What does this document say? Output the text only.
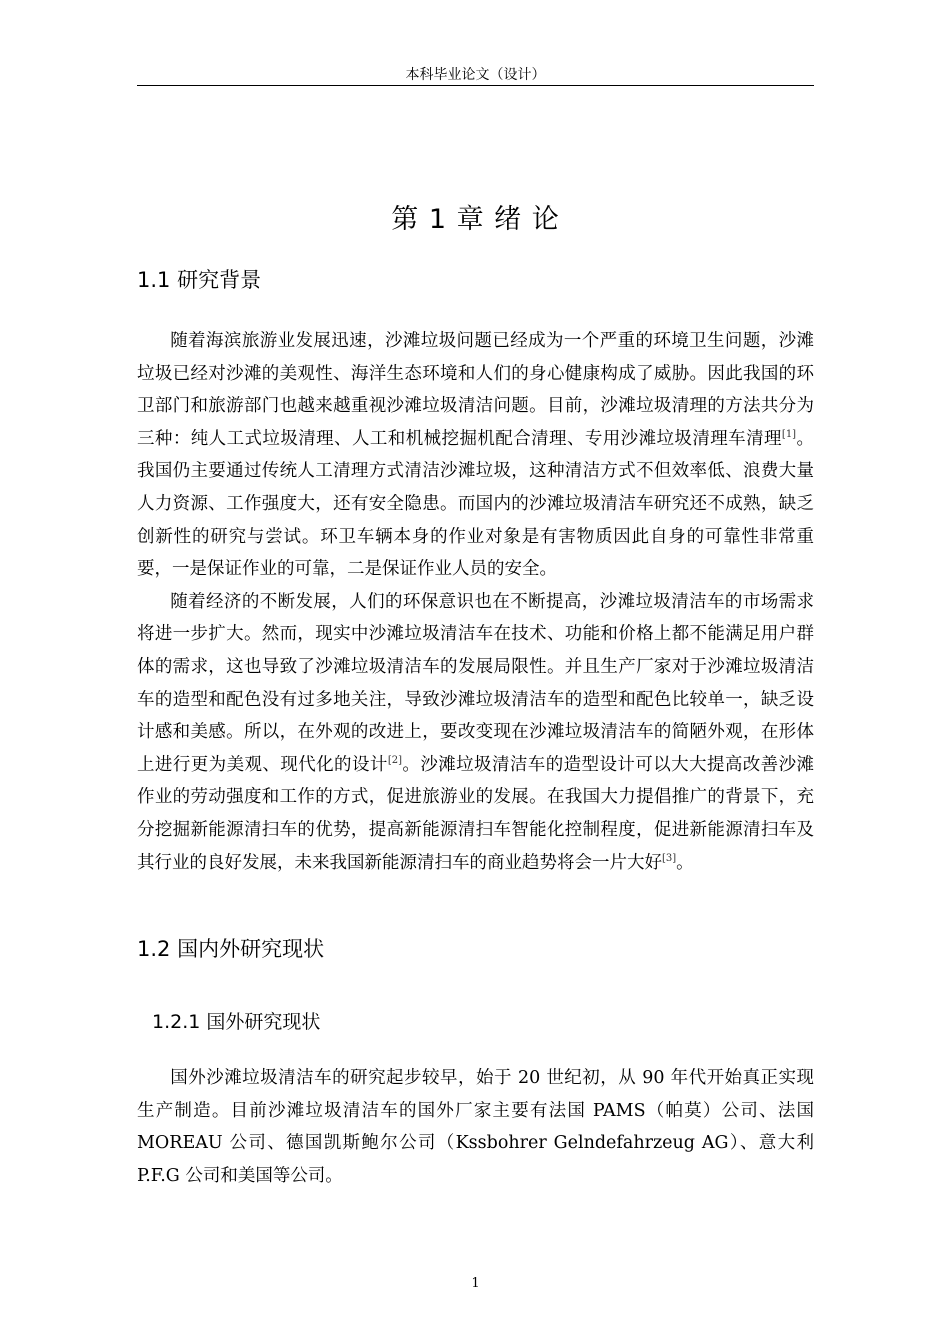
本科毕业论文（设计）
第 1 章 绪 论
1.1 研究背景

随着海滨旅游业发展迅速，沙滩垃圾问题已经成为一个严重的环境卫生问题，沙滩垃圾已经对沙滩的美观性、海洋生态环境和人们的身心健康构成了威胁。因此我国的环卫部门和旅游部门也越来越重视沙滩垃圾清洁问题。目前，沙滩垃圾清理的方法共分为三种：纯人工式垃圾清理、人工和机械挖掘机配合清理、专用沙滩垃圾清理车清理[1]。我国仍主要通过传统人工清理方式清洁沙滩垃圾，这种清洁方式不但效率低、浪费大量人力资源、工作强度大，还有安全隐患。而国内的沙滩垃圾清洁车研究还不成熟，缺乏创新性的研究与尝试。环卫车辆本身的作业对象是有害物质因此自身的可靠性非常重要，一是保证作业的可靠，二是保证作业人员的安全。

随着经济的不断发展，人们的环保意识也在不断提高，沙滩垃圾清洁车的市场需求将进一步扩大。然而，现实中沙滩垃圾清洁车在技术、功能和价格上都不能满足用户群体的需求，这也导致了沙滩垃圾清洁车的发展局限性。并且生产厂家对于沙滩垃圾清洁车的造型和配色没有过多地关注，导致沙滩垃圾清洁车的造型和配色比较单一，缺乏设计感和美感。所以，在外观的改进上，要改变现在沙滩垃圾清洁车的简陋外观，在形体上进行更为美观、现代化的设计[2]。沙滩垃圾清洁车的造型设计可以大大提高改善沙滩作业的劳动强度和工作的方式，促进旅游业的发展。在我国大力提倡推广的背景下，充分挖掘新能源清扫车的优势，提高新能源清扫车智能化控制程度，促进新能源清扫车及其行业的良好发展，未来我国新能源清扫车的商业趋势将会一片大好[3]。

1.2 国内外研究现状
1.2.1 国外研究现状

国外沙滩垃圾清洁车的研究起步较早，始于 20 世纪初，从 90 年代开始真正实现生产制造。目前沙滩垃圾清洁车的国外厂家主要有法国 PAMS（帕莫）公司、法国 MOREAU 公司、德国凯斯鲍尔公司（Kssbohrer Gelndefahrzeug AG）、意大利 P.F.G 公司和美国等公司。

1
